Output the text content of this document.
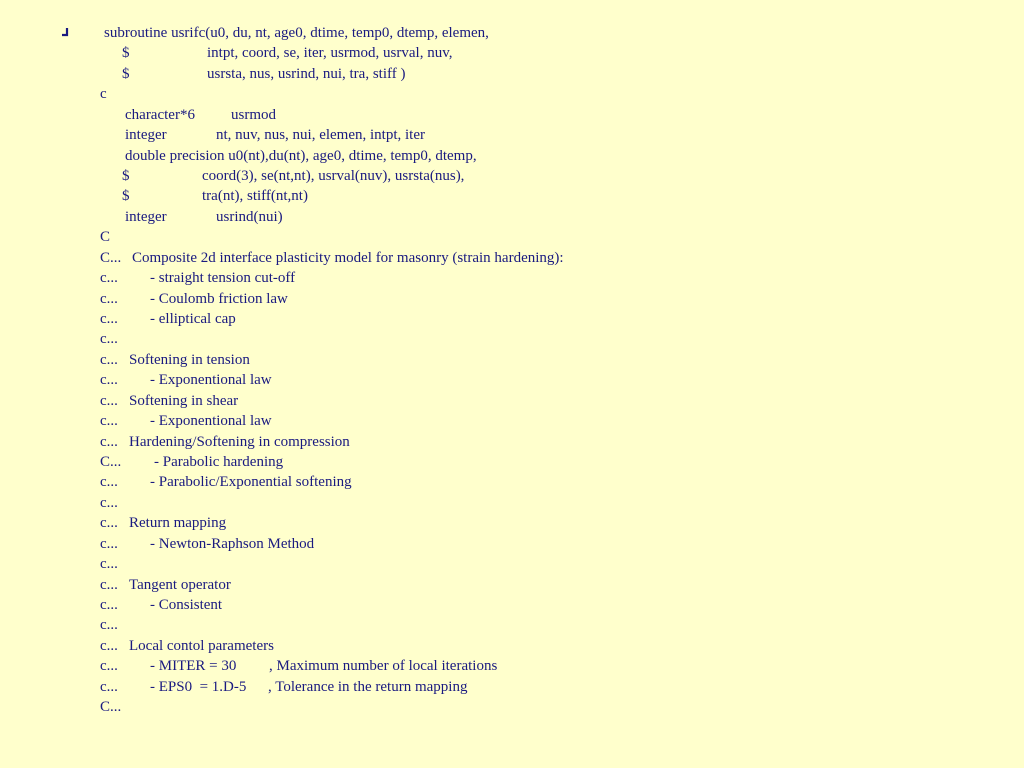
subroutine usrifc(u0, du, nt, age0, dtime, temp0, dtemp, elemen,
$	intpt, coord, se, iter, usrmod, usrval, nuv,
$	usrsta, nus, usrind, nui, tra, stiff )
c
character*6 usrmod
integer	nt, nuv, nus, nui, elemen, intpt, iter
double precision u0(nt),du(nt), age0, dtime, temp0, dtemp,
$	coord(3), se(nt,nt), usrval(nuv), usrsta(nus),
$	tra(nt), stiff(nt,nt)
integer	usrind(nui)
C
C... Composite 2d interface plasticity model for masonry (strain hardening):
c... - straight tension cut-off
c... - Coulomb friction law
c... - elliptical cap
c...
c... Softening in tension
c... - Exponentional law
c... Softening in shear
c... - Exponentional law
c... Hardening/Softening in compression
C... - Parabolic hardening
c... - Parabolic/Exponential softening
c...
c... Return mapping
c... - Newton-Raphson Method
c...
c... Tangent operator
c... - Consistent
c...
c... Local contol parameters
c... - MITER = 30 , Maximum number of local iterations
c... - EPS0  = 1.D-5 , Tolerance in the return mapping
C...
